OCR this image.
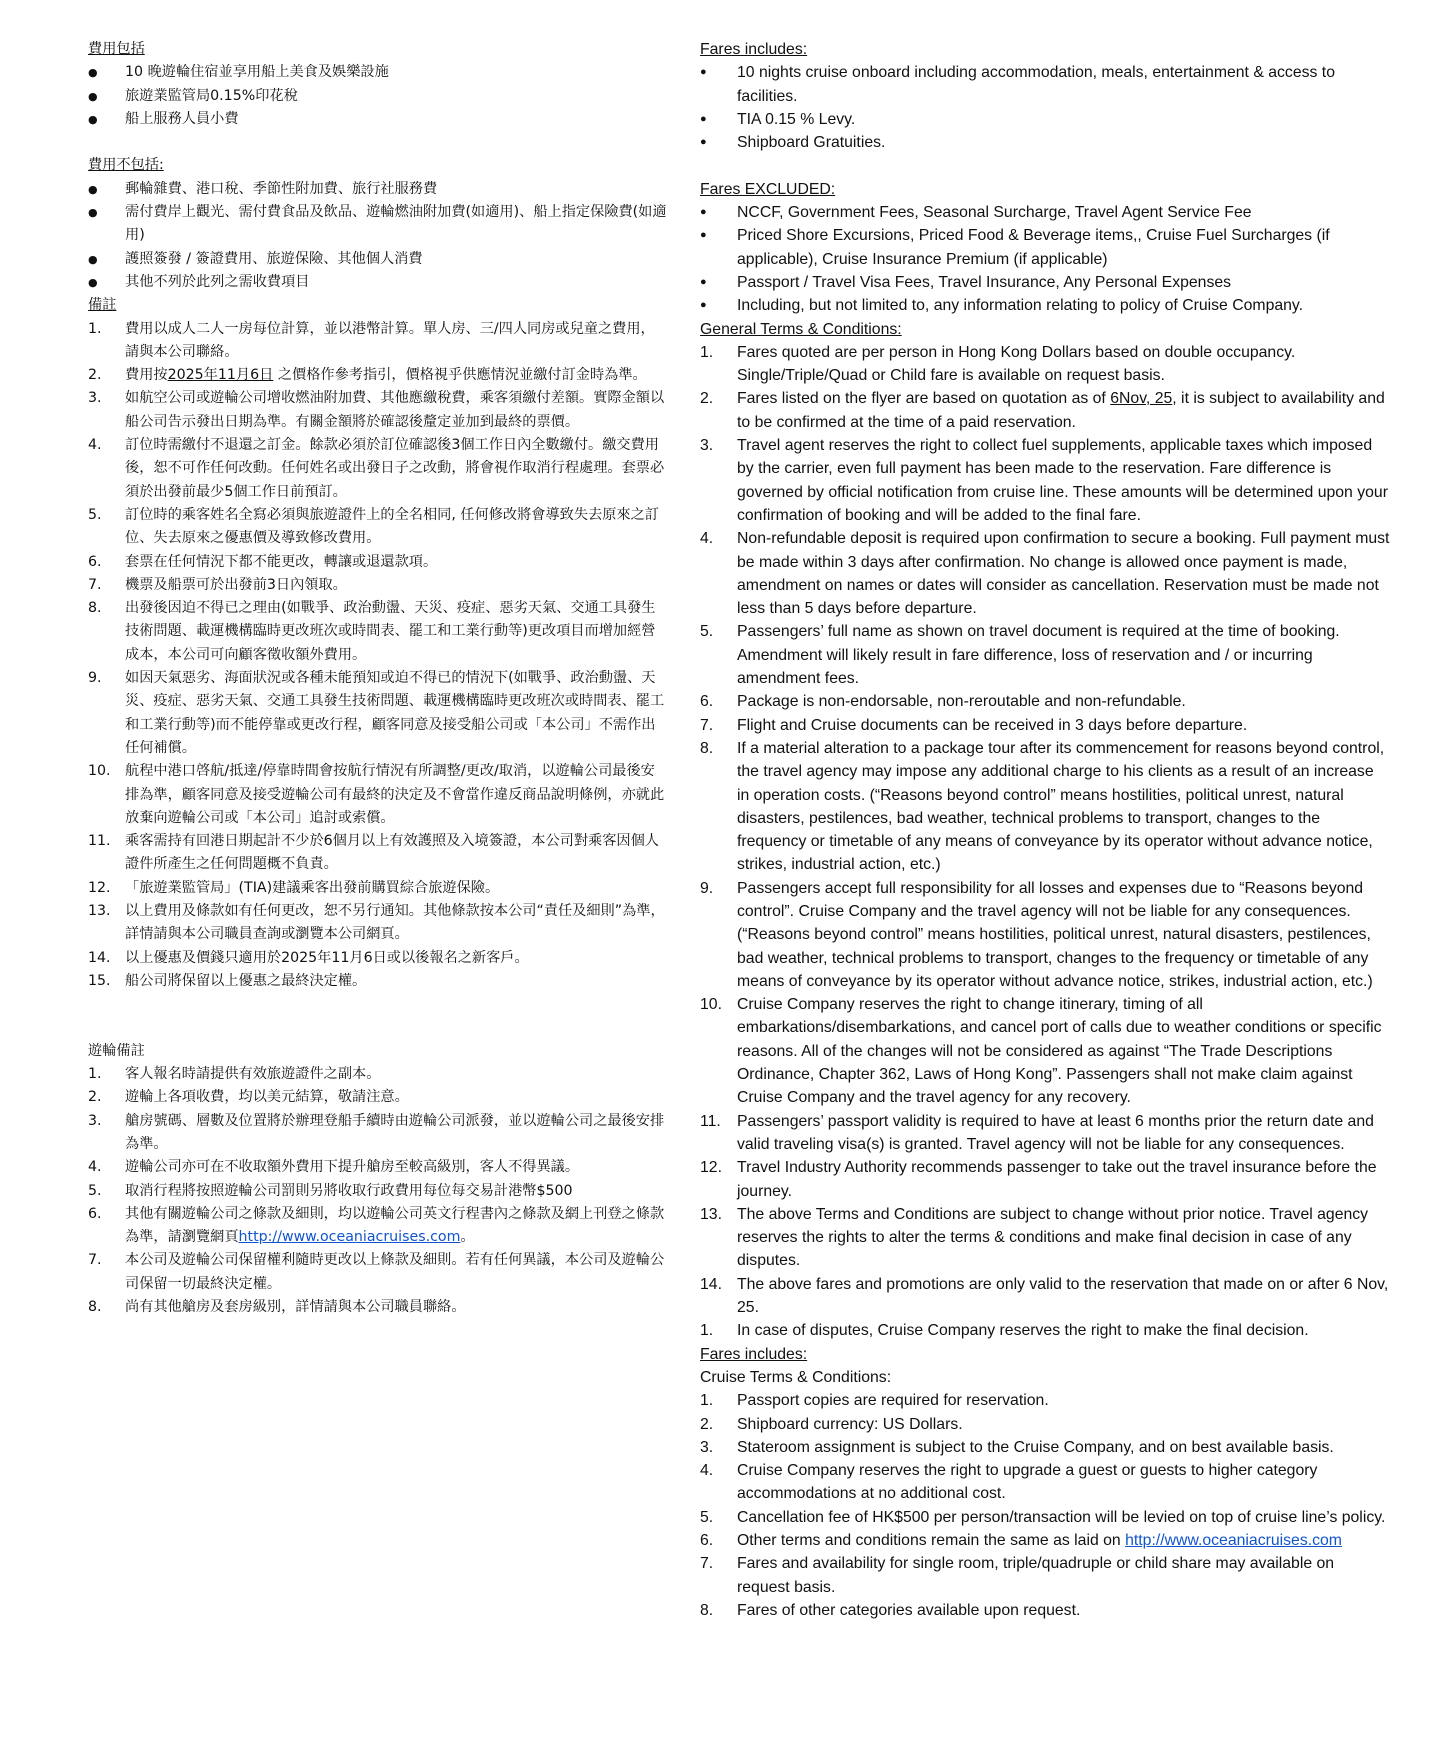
費用包括
●	10 晚遊輪住宿並享用船上美食及娛樂設施
●	旅遊業監管局0.15%印花稅
●	船上服務人員小費
費用不包括:
●	郵輪雜費、港口稅、季節性附加費、旅行社服務費
●	需付費岸上觀光、需付費食品及飲品、遊輪燃油附加費(如適用)、船上指定保險費(如適用)
●	護照簽發 / 簽證費用、旅遊保險、其他個人消費
●	其他不列於此列之需收費項目
備註
1.	費用以成人二人一房每位計算，並以港幣計算。單人房、三/四人同房或兒童之費用，請與本公司聯絡。
2.	費用按2025年11月6日 之價格作參考指引，價格視乎供應情況並繳付訂金時為準。
3.	如航空公司或遊輪公司增收燃油附加費、其他應繳稅費，乘客須繳付差額。實際金額以船公司告示發出日期為準。有關金額將於確認後釐定並加到最終的票價。
4.	訂位時需繳付不退還之訂金。餘款必須於訂位確認後3個工作日內全數繳付。繳交費用後，恕不可作任何改動。任何姓名或出發日子之改動，將會視作取消行程處理。套票必須於出發前最少5個工作日前預訂。
5.	訂位時的乘客姓名全寫必須與旅遊證件上的全名相同, 任何修改將會導致失去原來之訂位、失去原來之優惠價及導致修改費用。
6.	套票在任何情況下都不能更改，轉讓或退還款項。
7.	機票及船票可於出發前3日內領取。
8.	出發後因迫不得已之理由(如戰爭、政治動盪、天災、疫症、惡劣天氣、交通工具發生技術問題、載運機構臨時更改班次或時間表、罷工和工業行動等)更改項目而增加經營成本，本公司可向顧客徵收額外費用。
9.	如因天氣惡劣、海面狀況或各種未能預知或迫不得已的情況下(如戰爭、政治動盪、天災、疫症、惡劣天氣、交通工具發生技術問題、載運機構臨時更改班次或時間表、罷工和工業行動等)而不能停靠或更改行程，顧客同意及接受船公司或「本公司」不需作出任何補償。
10.	航程中港口啓航/抵達/停靠時間會按航行情況有所調整/更改/取消，以遊輪公司最後安排為準，顧客同意及接受遊輪公司有最終的決定及不會當作違反商品說明條例，亦就此放棄向遊輪公司或「本公司」追討或索償。
11.	乘客需持有回港日期起計不少於6個月以上有效護照及入境簽證，本公司對乘客因個人證件所產生之任何問題概不負責。
12.	「旅遊業監管局」(TIA)建議乘客出發前購買綜合旅遊保險。
13.	以上費用及條款如有任何更改，恕不另行通知。其他條款按本公司“責任及細則”為準，詳情請與本公司職員查詢或瀏覽本公司網頁。
14.	以上優惠及價錢只適用於2025年11月6日或以後報名之新客戶。
15.	船公司將保留以上優惠之最終決定權。
遊輪備註
1.	客人報名時請提供有效旅遊證件之副本。
2.	遊輪上各項收費，均以美元結算，敬請注意。
3.	艙房號碼、層數及位置將於辦理登船手續時由遊輪公司派發，並以遊輪公司之最後安排為準。
4.	遊輪公司亦可在不收取額外費用下提升艙房至較高級別，客人不得異議。
5.	取消行程將按照遊輪公司罰則另將收取行政費用每位每交易計港幣$500
6.	其他有關遊輪公司之條款及細則，均以遊輪公司英文行程書內之條款及網上刊登之條款為準，請瀏覽網頁http://www.oceaniacruises.com。
7.	本公司及遊輪公司保留權利隨時更改以上條款及細則。若有任何異議，本公司及遊輪公司保留一切最終決定權。
8.	尚有其他艙房及套房級別，詳情請與本公司職員聯絡。
Fares includes:
●	10 nights cruise onboard including accommodation, meals, entertainment & access to facilities.
●	TIA 0.15 % Levy.
●	Shipboard Gratuities.
Fares EXCLUDED:
●	NCCF, Government Fees, Seasonal Surcharge, Travel Agent Service Fee
●	Priced Shore Excursions, Priced Food & Beverage items,, Cruise Fuel Surcharges (if applicable), Cruise Insurance Premium (if applicable)
●	Passport / Travel Visa Fees, Travel Insurance, Any Personal Expenses
●	Including, but not limited to, any information relating to policy of Cruise Company.
General Terms & Conditions:
1.	Fares quoted are per person in Hong Kong Dollars based on double occupancy. Single/Triple/Quad or Child fare is available on request basis.
2.	Fares listed on the flyer are based on quotation as of 6Nov, 25, it is subject to availability and to be confirmed at the time of a paid reservation.
3.	Travel agent reserves the right to collect fuel supplements, applicable taxes which imposed by the carrier, even full payment has been made to the reservation. Fare difference is governed by official notification from cruise line. These amounts will be determined upon your confirmation of booking and will be added to the final fare.
4.	Non-refundable deposit is required upon confirmation to secure a booking. Full payment must be made within 3 days after confirmation. No change is allowed once payment is made, amendment on names or dates will consider as cancellation. Reservation must be made not less than 5 days before departure.
5.	Passengers’ full name as shown on travel document is required at the time of booking. Amendment will likely result in fare difference, loss of reservation and / or incurring amendment fees.
6.	Package is non-endorsable, non-reroutable and non-refundable.
7.	Flight and Cruise documents can be received in 3 days before departure.
8.	If a material alteration to a package tour after its commencement for reasons beyond control, the travel agency may impose any additional charge to his clients as a result of an increase in operation costs. (“Reasons beyond control” means hostilities, political unrest, natural disasters, pestilences, bad weather, technical problems to transport, changes to the frequency or timetable of any means of conveyance by its operator without advance notice, strikes, industrial action, etc.)
9.	Passengers accept full responsibility for all losses and expenses due to “Reasons beyond control”. Cruise Company and the travel agency will not be liable for any consequences. (“Reasons beyond control” means hostilities, political unrest, natural disasters, pestilences, bad weather, technical problems to transport, changes to the frequency or timetable of any means of conveyance by its operator without advance notice, strikes, industrial action, etc.)
10. Cruise Company reserves the right to change itinerary, timing of all embarkations/disembarkations, and cancel port of calls due to weather conditions or specific reasons. All of the changes will not be considered as against “The Trade Descriptions Ordinance, Chapter 362, Laws of Hong Kong”. Passengers shall not make claim against Cruise Company and the travel agency for any recovery.
11.	Passengers’ passport validity is required to have at least 6 months prior the return date and valid traveling visa(s) is granted. Travel agency will not be liable for any consequences.
12. Travel Industry Authority recommends passenger to take out the travel insurance before the journey.
13. The above Terms and Conditions are subject to change without prior notice. Travel agency reserves the rights to alter the terms & conditions and make final decision in case of any disputes.
14. The above fares and promotions are only valid to the reservation that made on or after 6 Nov, 25.
1.	In case of disputes, Cruise Company reserves the right to make the final decision.
Fares includes:
Cruise Terms & Conditions:
1.	Passport copies are required for reservation.
2.	Shipboard currency: US Dollars.
3.	Stateroom assignment is subject to the Cruise Company, and on best available basis.
4.	Cruise Company reserves the right to upgrade a guest or guests to higher category accommodations at no additional cost.
5.	Cancellation fee of HK$500 per person/transaction will be levied on top of cruise line’s policy.
6.	Other terms and conditions remain the same as laid on http://www.oceaniacruises.com
7.	Fares and availability for single room, triple/quadruple or child share may available on request basis.
8.	Fares of other categories available upon request.
